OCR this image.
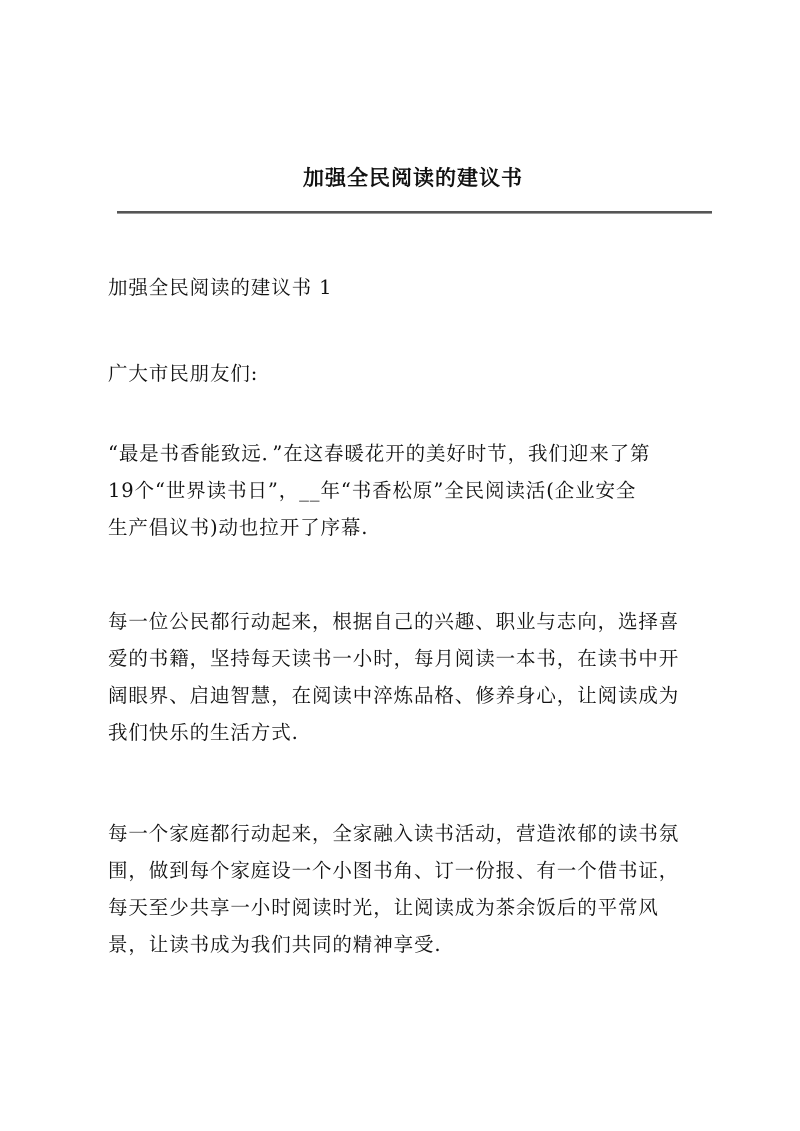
加强全民阅读的建议书

加强全民阅读的建议书 1

广大市民朋友们:

“最是书香能致远．”在这春暖花开的美好时节，我们迎来了第
19个“世界读书日”，__年“书香松原”全民阅读活(企业安全
生产倡议书)动也拉开了序幕.

每一位公民都行动起来，根据自己的兴趣、职业与志向，选择喜
爱的书籍，坚持每天读书一小时，每月阅读一本书，在读书中开
阔眼界、启迪智慧，在阅读中淬炼品格、修养身心，让阅读成为
我们快乐的生活方式.

每一个家庭都行动起来，全家融入读书活动，营造浓郁的读书氛
围，做到每个家庭设一个小图书角、订一份报、有一个借书证，
每天至少共享一小时阅读时光，让阅读成为茶余饭后的平常风
景，让读书成为我们共同的精神享受.
